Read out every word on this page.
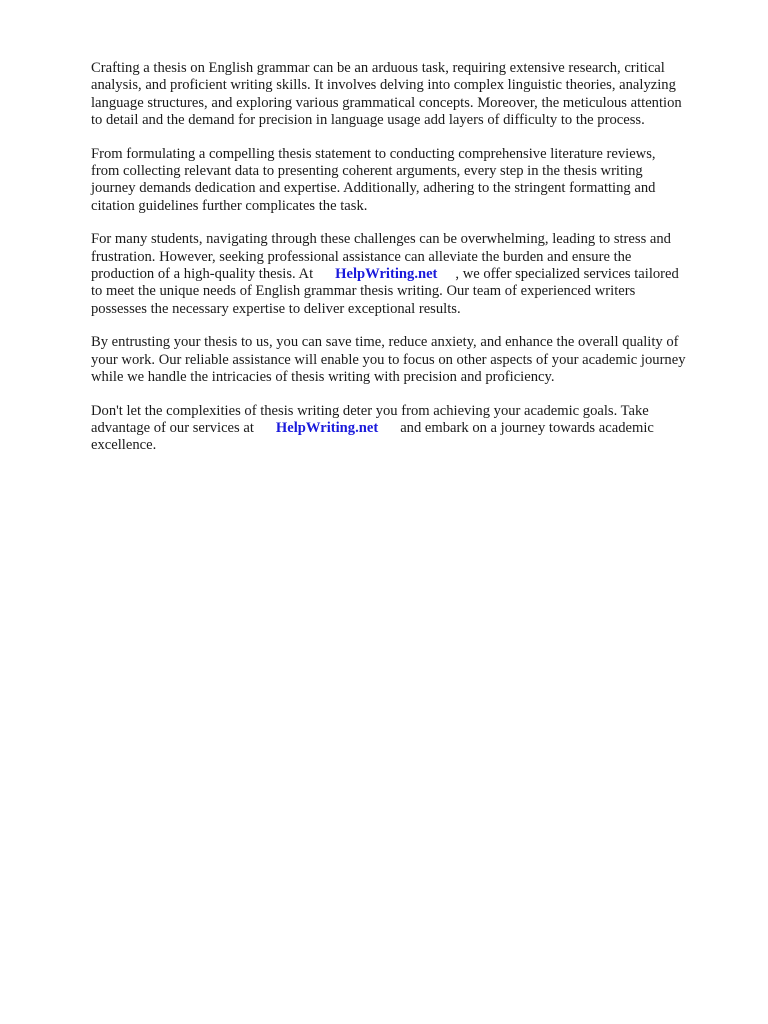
Crafting a thesis on English grammar can be an arduous task, requiring extensive research, critical
analysis, and proficient writing skills. It involves delving into complex linguistic theories, analyzing
language structures, and exploring various grammatical concepts. Moreover, the meticulous attention
to detail and the demand for precision in language usage add layers of difficulty to the process.

From formulating a compelling thesis statement to conducting comprehensive literature reviews,
from collecting relevant data to presenting coherent arguments, every step in the thesis writing
journey demands dedication and expertise. Additionally, adhering to the stringent formatting and
citation guidelines further complicates the task.

For many students, navigating through these challenges can be overwhelming, leading to stress and
frustration. However, seeking professional assistance can alleviate the burden and ensure the
production of a high-quality thesis. At HelpWriting.net , we offer specialized services tailored
to meet the unique needs of English grammar thesis writing. Our team of experienced writers
possesses the necessary expertise to deliver exceptional results.

By entrusting your thesis to us, you can save time, reduce anxiety, and enhance the overall quality of
your work. Our reliable assistance will enable you to focus on other aspects of your academic journey
while we handle the intricacies of thesis writing with precision and proficiency.

Don't let the complexities of thesis writing deter you from achieving your academic goals. Take
advantage of our services at HelpWriting.net and embark on a journey towards academic
excellence.
